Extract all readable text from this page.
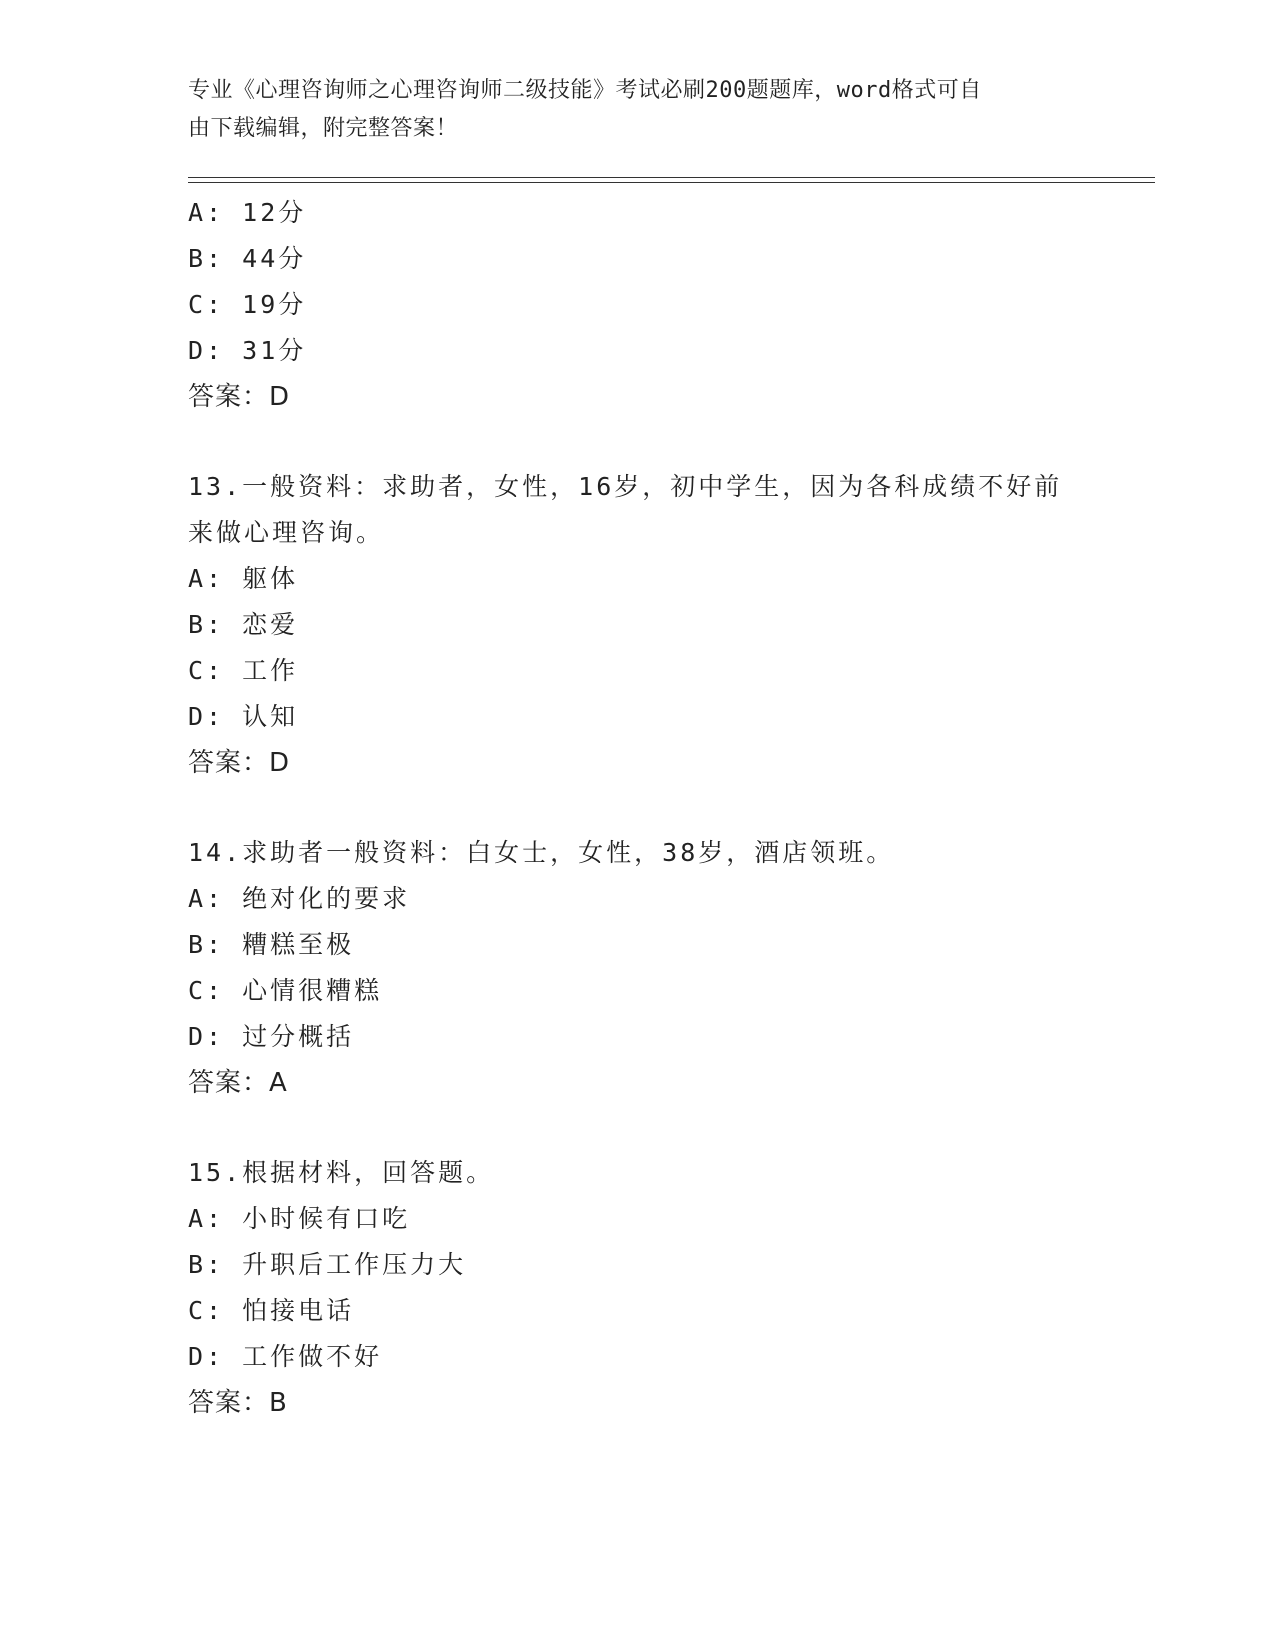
专业《心理咨询师之心理咨询师二级技能》考试必刷200题题库，word格式可自
由下载编辑，附完整答案！
A: 12分
B: 44分
C: 19分
D: 31分
答案：D
13.一般资料：求助者，女性，16岁，初中学生，因为各科成绩不好前
来做心理咨询。
A: 躯体
B: 恋爱
C: 工作
D: 认知
答案：D
14.求助者一般资料：白女士，女性，38岁，酒店领班。
A: 绝对化的要求
B: 糟糕至极
C: 心情很糟糕
D: 过分概括
答案：A
15.根据材料，回答题。
A: 小时候有口吃
B: 升职后工作压力大
C: 怕接电话
D: 工作做不好
答案：B
